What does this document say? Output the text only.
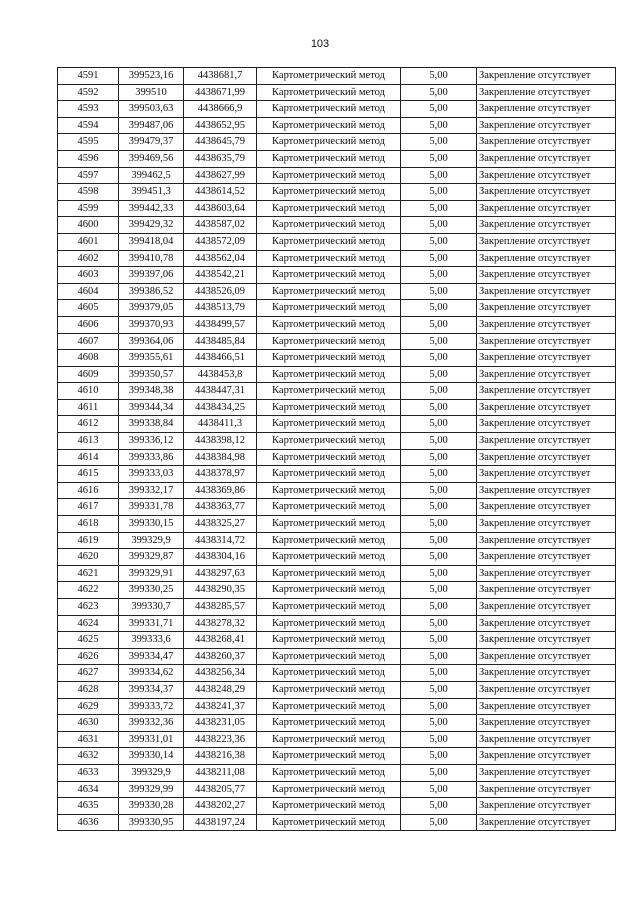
103
4591	399523,16	4438681,7	Картометрический метод	5,00	Закрепление отсутствует
4592	399510	4438671,99	Картометрический метод	5,00	Закрепление отсутствует
4593	399503,63	4438666,9	Картометрический метод	5,00	Закрепление отсутствует
4594	399487,06	4438652,95	Картометрический метод	5,00	Закрепление отсутствует
4595	399479,37	4438645,79	Картометрический метод	5,00	Закрепление отсутствует
4596	399469,56	4438635,79	Картометрический метод	5,00	Закрепление отсутствует
4597	399462,5	4438627,99	Картометрический метод	5,00	Закрепление отсутствует
4598	399451,3	4438614,52	Картометрический метод	5,00	Закрепление отсутствует
4599	399442,33	4438603,64	Картометрический метод	5,00	Закрепление отсутствует
4600	399429,32	4438587,02	Картометрический метод	5,00	Закрепление отсутствует
4601	399418,04	4438572,09	Картометрический метод	5,00	Закрепление отсутствует
4602	399410,78	4438562,04	Картометрический метод	5,00	Закрепление отсутствует
4603	399397,06	4438542,21	Картометрический метод	5,00	Закрепление отсутствует
4604	399386,52	4438526,09	Картометрический метод	5,00	Закрепление отсутствует
4605	399379,05	4438513,79	Картометрический метод	5,00	Закрепление отсутствует
4606	399370,93	4438499,57	Картометрический метод	5,00	Закрепление отсутствует
4607	399364,06	4438485,84	Картометрический метод	5,00	Закрепление отсутствует
4608	399355,61	4438466,51	Картометрический метод	5,00	Закрепление отсутствует
4609	399350,57	4438453,8	Картометрический метод	5,00	Закрепление отсутствует
4610	399348,38	4438447,31	Картометрический метод	5,00	Закрепление отсутствует
4611	399344,34	4438434,25	Картометрический метод	5,00	Закрепление отсутствует
4612	399338,84	4438411,3	Картометрический метод	5,00	Закрепление отсутствует
4613	399336,12	4438398,12	Картометрический метод	5,00	Закрепление отсутствует
4614	399333,86	4438384,98	Картометрический метод	5,00	Закрепление отсутствует
4615	399333,03	4438378,97	Картометрический метод	5,00	Закрепление отсутствует
4616	399332,17	4438369,86	Картометрический метод	5,00	Закрепление отсутствует
4617	399331,78	4438363,77	Картометрический метод	5,00	Закрепление отсутствует
4618	399330,15	4438325,27	Картометрический метод	5,00	Закрепление отсутствует
4619	399329,9	4438314,72	Картометрический метод	5,00	Закрепление отсутствует
4620	399329,87	4438304,16	Картометрический метод	5,00	Закрепление отсутствует
4621	399329,91	4438297,63	Картометрический метод	5,00	Закрепление отсутствует
4622	399330,25	4438290,35	Картометрический метод	5,00	Закрепление отсутствует
4623	399330,7	4438285,57	Картометрический метод	5,00	Закрепление отсутствует
4624	399331,71	4438278,32	Картометрический метод	5,00	Закрепление отсутствует
4625	399333,6	4438268,41	Картометрический метод	5,00	Закрепление отсутствует
4626	399334,47	4438260,37	Картометрический метод	5,00	Закрепление отсутствует
4627	399334,62	4438256,34	Картометрический метод	5,00	Закрепление отсутствует
4628	399334,37	4438248,29	Картометрический метод	5,00	Закрепление отсутствует
4629	399333,72	4438241,37	Картометрический метод	5,00	Закрепление отсутствует
4630	399332,36	4438231,05	Картометрический метод	5,00	Закрепление отсутствует
4631	399331,01	4438223,36	Картометрический метод	5,00	Закрепление отсутствует
4632	399330,14	4438216,38	Картометрический метод	5,00	Закрепление отсутствует
4633	399329,9	4438211,08	Картометрический метод	5,00	Закрепление отсутствует
4634	399329,99	4438205,77	Картометрический метод	5,00	Закрепление отсутствует
4635	399330,28	4438202,27	Картометрический метод	5,00	Закрепление отсутствует
4636	399330,95	4438197,24	Картометрический метод	5,00	Закрепление отсутствует
